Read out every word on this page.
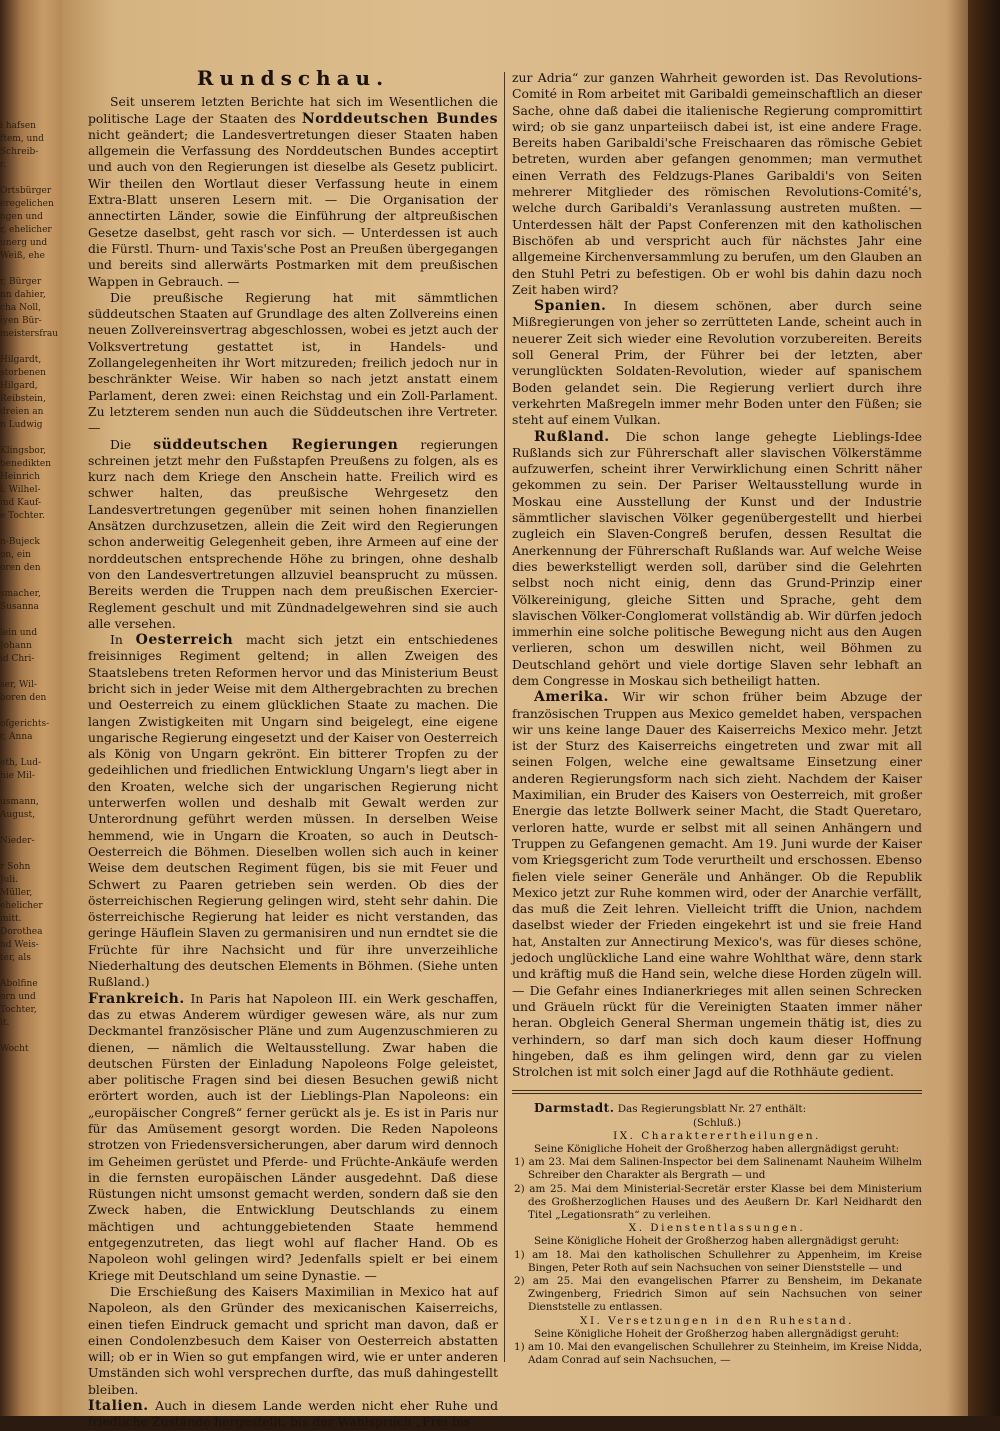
i hafsen
ftem, und
Schreib-
r.

Ortsbürger
eregelichen
ngen und
r, ehelicher
unerg und
Weiß, ehe

r, Bürger
nn dahier,
cha Noll,
iyen Bür-
meistersfrau

Hilgardt,
storbenen
Hilgard,
Reibstein,
dreien an
n Ludwig

Klingsbor,
benedikten
Heinrich
l. Wilhel-
md Kauf-
e Tochter.

n-Bujeck
on, ein
oren den

smacher,
Susanna

lein und
Johann
id Chri-

ser, Wil-
boren den

ofgerichts-
r, Anna

eth, Lud-
hie Mil-

usmann,
August,

Nieder-

r Sohn
Juli.
Müller,
ehelicher
mitt.
Dorothea
nd Weis-
ter, als

Abolfine
orn und
Tochter,
lt.

Wocht
Rundschau.

Seit unserem letzten Berichte hat sich im Wesentlichen die politische Lage der Staaten des Norddeutschen Bundes nicht geändert; die Landesvertretungen dieser Staaten haben allgemein die Verfassung des Norddeutschen Bundes acceptirt und auch von den Regierungen ist dieselbe als Gesetz publicirt. Wir theilen den Wortlaut dieser Verfassung heute in einem Extra-Blatt unseren Lesern mit. — Die Organisation der annectirten Länder, sowie die Einführung der altpreußischen Gesetze daselbst, geht rasch vor sich. — Unterdessen ist auch die Fürstl. Thurn- und Taxis'sche Post an Preußen übergegangen und bereits sind allerwärts Postmarken mit dem preußischen Wappen in Gebrauch. —

Die preußische Regierung hat mit sämmtlichen süddeutschen Staaten auf Grundlage des alten Zollvereins einen neuen Zollvereinsvertrag abgeschlossen, wobei es jetzt auch der Volksvertretung gestattet ist, in Handels- und Zollangelegenheiten ihr Wort mitzureden; freilich jedoch nur in beschränkter Weise. Wir haben so nach jetzt anstatt einem Parlament, deren zwei: einen Reichstag und ein Zoll-Parlament. Zu letzterem senden nun auch die Süddeutschen ihre Vertreter. —

Die süddeutschen Regierungen regierungen schreinen jetzt mehr den Fußstapfen Preußens zu folgen, als es kurz nach dem Kriege den Anschein hatte. Freilich wird es schwer halten, das preußische Wehrgesetz den Landesvertretungen gegenüber mit seinen hohen finanziellen Ansätzen durchzusetzen, allein die Zeit wird den Regierungen schon anderweitig Gelegenheit geben, ihre Armeen auf eine der norddeutschen entsprechende Höhe zu bringen, ohne deshalb von den Landesvertretungen allzuviel beansprucht zu müssen. Bereits werden die Truppen nach dem preußischen Exercier-Reglement geschult und mit Zündnadelgewehren sind sie auch alle versehen.

In Oesterreich macht sich jetzt ein entschiedenes freisinniges Regiment geltend; in allen Zweigen des Staatslebens treten Reformen hervor und das Ministerium Beust bricht sich in jeder Weise mit dem Althergebrachten zu brechen und Oesterreich zu einem glücklichen Staate zu machen. Die langen Zwistigkeiten mit Ungarn sind beigelegt, eine eigene ungarische Regierung eingesetzt und der Kaiser von Oesterreich als König von Ungarn gekrönt. Ein bitterer Tropfen zu der gedeihlichen und friedlichen Entwicklung Ungarn's liegt aber in den Kroaten, welche sich der ungarischen Regierung nicht unterwerfen wollen und deshalb mit Gewalt werden zur Unterordnung geführt werden müssen. In derselben Weise hemmend, wie in Ungarn die Kroaten, so auch in Deutsch-Oesterreich die Böhmen. Dieselben wollen sich auch in keiner Weise dem deutschen Regiment fügen, bis sie mit Feuer und Schwert zu Paaren getrieben sein werden. Ob dies der österreichischen Regierung gelingen wird, steht sehr dahin. Die österreichische Regierung hat leider es nicht verstanden, das geringe Häuflein Slaven zu germanisiren und nun erndtet sie die Früchte für ihre Nachsicht und für ihre unverzeihliche Niederhaltung des deutschen Elements in Böhmen. (Siehe unten Rußland.)

Frankreich. In Paris hat Napoleon III. ein Werk geschaffen, das zu etwas Anderem würdiger gewesen wäre, als nur zum Deckmantel französischer Pläne und zum Augenzuschmieren zu dienen, — nämlich die Weltausstellung. Zwar haben die deutschen Fürsten der Einladung Napoleons Folge geleistet, aber politische Fragen sind bei diesen Besuchen gewiß nicht erörtert worden, auch ist der Lieblings-Plan Napoleons: ein „europäischer Congreß“ ferner gerückt als je. Es ist in Paris nur für das Amüsement gesorgt worden. Die Reden Napoleons strotzen von Friedensversicherungen, aber darum wird dennoch im Geheimen gerüstet und Pferde- und Früchte-Ankäufe werden in die fernsten europäischen Länder ausgedehnt. Daß diese Rüstungen nicht umsonst gemacht werden, sondern daß sie den Zweck haben, die Entwicklung Deutschlands zu einem mächtigen und achtunggebietenden Staate hemmend entgegenzutreten, das liegt wohl auf flacher Hand. Ob es Napoleon wohl gelingen wird? Jedenfalls spielt er bei einem Kriege mit Deutschland um seine Dynastie. —

Die Erschießung des Kaisers Maximilian in Mexico hat auf Napoleon, als den Gründer des mexicanischen Kaiserreichs, einen tiefen Eindruck gemacht und spricht man davon, daß er einen Condolenzbesuch dem Kaiser von Oesterreich abstatten will; ob er in Wien so gut empfangen wird, wie er unter anderen Umständen sich wohl versprechen durfte, das muß dahingestellt bleiben.

Italien. Auch in diesem Lande werden nicht eher Ruhe und friedliche Zustände hergestellt, bis der Wahlspruch „Frei bis

zur Adria“ zur ganzen Wahrheit geworden ist. Das Revolutions-Comité in Rom arbeitet mit Garibaldi gemeinschaftlich an dieser Sache, ohne daß dabei die italienische Regierung compromittirt wird; ob sie ganz unparteiisch dabei ist, ist eine andere Frage. Bereits haben Garibaldi'sche Freischaaren das römische Gebiet betreten, wurden aber gefangen genommen; man vermuthet einen Verrath des Feldzugs-Planes Garibaldi's von Seiten mehrerer Mitglieder des römischen Revolutions-Comité's, welche durch Garibaldi's Veranlassung austreten mußten. — Unterdessen hält der Papst Conferenzen mit den katholischen Bischöfen ab und verspricht auch für nächstes Jahr eine allgemeine Kirchenversammlung zu berufen, um den Glauben an den Stuhl Petri zu befestigen. Ob er wohl bis dahin dazu noch Zeit haben wird?

Spanien. In diesem schönen, aber durch seine Mißregierungen von jeher so zerrütteten Lande, scheint auch in neuerer Zeit sich wieder eine Revolution vorzubereiten. Bereits soll General Prim, der Führer bei der letzten, aber verunglückten Soldaten-Revolution, wieder auf spanischem Boden gelandet sein. Die Regierung verliert durch ihre verkehrten Maßregeln immer mehr Boden unter den Füßen; sie steht auf einem Vulkan.

Rußland. Die schon lange gehegte Lieblings-Idee Rußlands sich zur Führerschaft aller slavischen Völkerstämme aufzuwerfen, scheint ihrer Verwirklichung einen Schritt näher gekommen zu sein. Der Pariser Weltausstellung wurde in Moskau eine Ausstellung der Kunst und der Industrie sämmtlicher slavischen Völker gegenübergestellt und hierbei zugleich ein Slaven-Congreß berufen, dessen Resultat die Anerkennung der Führerschaft Rußlands war. Auf welche Weise dies bewerkstelligt werden soll, darüber sind die Gelehrten selbst noch nicht einig, denn das Grund-Prinzip einer Völkereinigung, gleiche Sitten und Sprache, geht dem slavischen Völker-Conglomerat vollständig ab. Wir dürfen jedoch immerhin eine solche politische Bewegung nicht aus den Augen verlieren, schon um deswillen nicht, weil Böhmen zu Deutschland gehört und viele dortige Slaven sehr lebhaft an dem Congresse in Moskau sich betheiligt hatten.

Amerika. Wir wir schon früher beim Abzuge der französischen Truppen aus Mexico gemeldet haben, verspachen wir uns keine lange Dauer des Kaiserreichs Mexico mehr. Jetzt ist der Sturz des Kaiserreichs eingetreten und zwar mit all seinen Folgen, welche eine gewaltsame Einsetzung einer anderen Regierungsform nach sich zieht. Nachdem der Kaiser Maximilian, ein Bruder des Kaisers von Oesterreich, mit großer Energie das letzte Bollwerk seiner Macht, die Stadt Queretaro, verloren hatte, wurde er selbst mit all seinen Anhängern und Truppen zu Gefangenen gemacht. Am 19. Juni wurde der Kaiser vom Kriegsgericht zum Tode verurtheilt und erschossen. Ebenso fielen viele seiner Generäle und Anhänger. Ob die Republik Mexico jetzt zur Ruhe kommen wird, oder der Anarchie verfällt, das muß die Zeit lehren. Vielleicht trifft die Union, nachdem daselbst wieder der Frieden eingekehrt ist und sie freie Hand hat, Anstalten zur Annectirung Mexico's, was für dieses schöne, jedoch unglückliche Land eine wahre Wohlthat wäre, denn stark und kräftig muß die Hand sein, welche diese Horden zügeln will. — Die Gefahr eines Indianerkrieges mit allen seinen Schrecken und Gräueln rückt für die Vereinigten Staaten immer näher heran. Obgleich General Sherman ungemein thätig ist, dies zu verhindern, so darf man sich doch kaum dieser Hoffnung hingeben, daß es ihm gelingen wird, denn gar zu vielen Strolchen ist mit solch einer Jagd auf die Rothhäute gedient.

Darmstadt. Das Regierungsblatt Nr. 27 enthält:

(Schluß.)

IX. Charakterertheilungen.

Seine Königliche Hoheit der Großherzog haben allergnädigst geruht:

1) am 23. Mai dem Salinen-Inspector bei dem Salinenamt Nauheim Wilhelm Schreiber den Charakter als Bergrath — und

2) am 25. Mai dem Ministerial-Secretär erster Klasse bei dem Ministerium des Großherzoglichen Hauses und des Aeußern Dr. Karl Neidhardt den Titel „Legationsrath“ zu verleihen.

X. Dienstentlassungen.

Seine Königliche Hoheit der Großherzog haben allergnädigst geruht:

1) am 18. Mai den katholischen Schullehrer zu Appenheim, im Kreise Bingen, Peter Roth auf sein Nachsuchen von seiner Dienststelle — und

2) am 25. Mai den evangelischen Pfarrer zu Bensheim, im Dekanate Zwingenberg, Friedrich Simon auf sein Nachsuchen von seiner Dienststelle zu entlassen.

XI. Versetzungen in den Ruhestand.

Seine Königliche Hoheit der Großherzog haben allergnädigst geruht:

1) am 10. Mai den evangelischen Schullehrer zu Steinheim, im Kreise Nidda, Adam Conrad auf sein Nachsuchen, —
